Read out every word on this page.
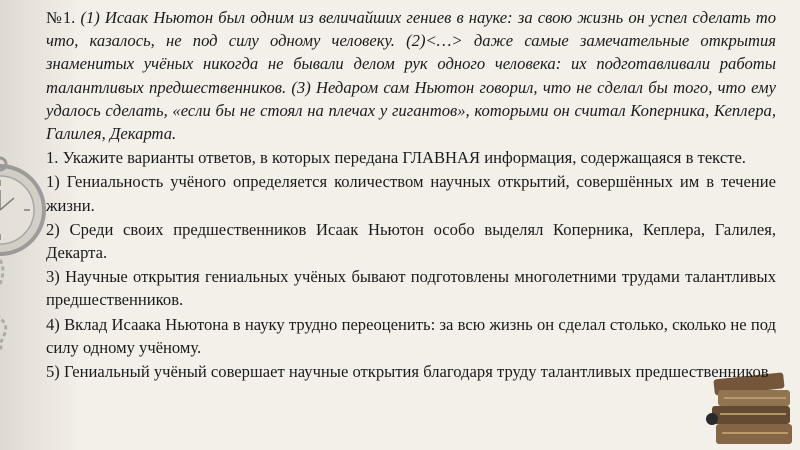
№1. (1) Исаак Ньютон был одним из величайших гениев в науке: за свою жизнь он успел сделать то что, казалось, не под силу одному человеку. (2)<…> даже самые замечательные открытия знаменитых учёных никогда не бывали делом рук одного человека: их подготавливали работы талантливых предшественников. (3) Недаром сам Ньютон говорил, что не сделал бы того, что ему удалось сделать, «если бы не стоял на плечах у гигантов», которыми он считал Коперника, Кеплера, Галилея, Декарта.

1. Укажите варианты ответов, в которых передана ГЛАВНАЯ информация, содержащаяся в тексте.

1) Гениальность учёного определяется количеством научных открытий, совершённых им в течение жизни.

2) Среди своих предшественников Исаак Ньютон особо выделял Коперника, Кеплера, Галилея, Декарта.

3) Научные открытия гениальных учёных бывают подготовлены многолетними трудами талантливых предшественников.

4) Вклад Исаака Ньютона в науку трудно переоценить: за всю жизнь он сделал столько, сколько не под силу одному учёному.

5) Гениальный учёный совершает научные открытия благодаря труду талантливых предшественников
